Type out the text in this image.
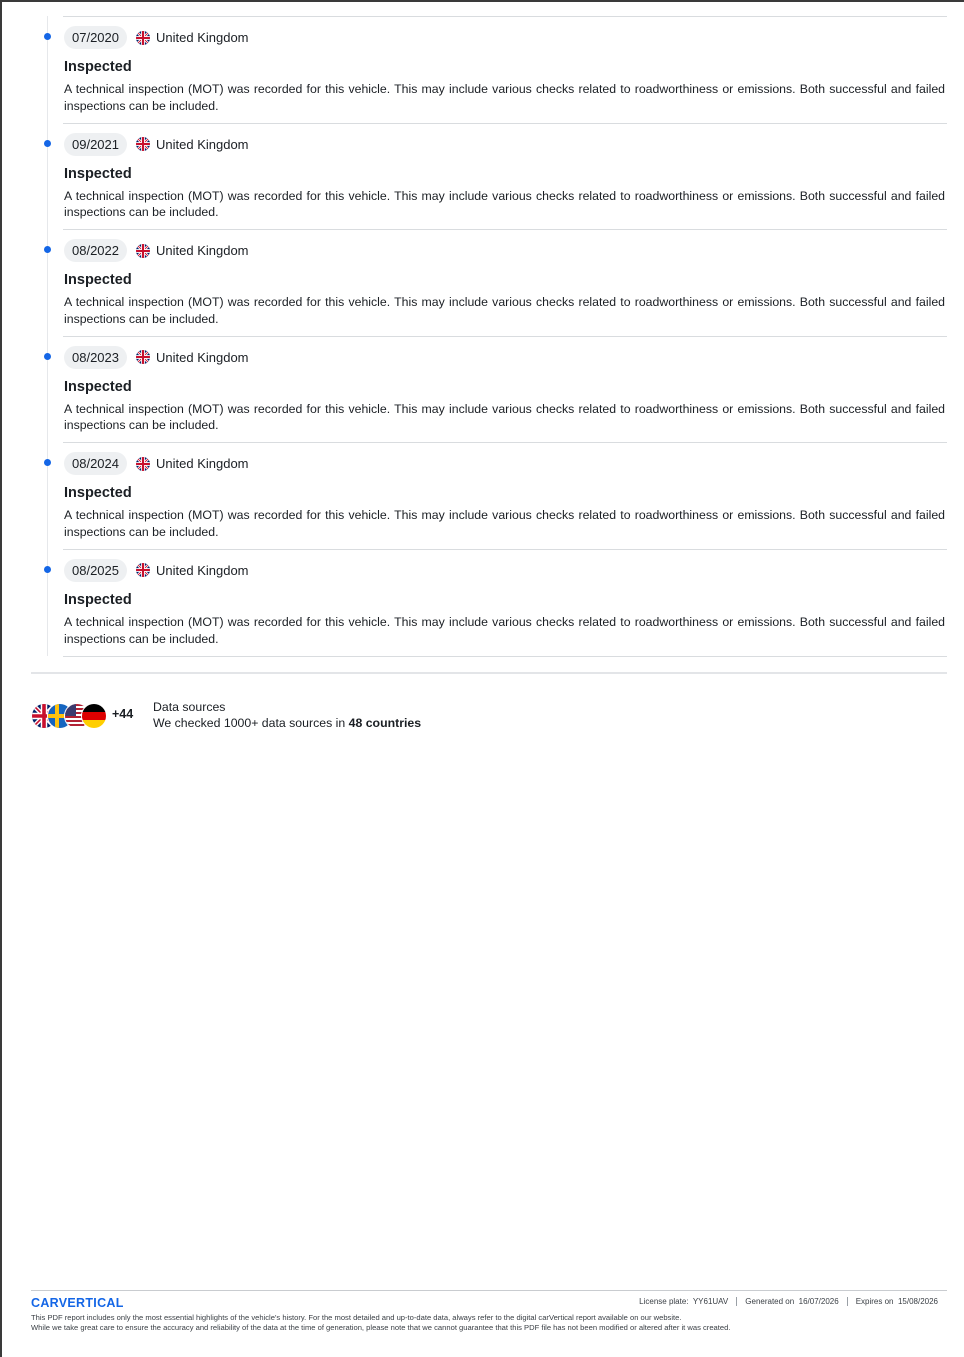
07/2020	United Kingdom
Inspected
A technical inspection (MOT) was recorded for this vehicle. This may include various checks related to roadworthiness or emissions. Both successful and failed inspections can be included.
09/2021	United Kingdom
Inspected
A technical inspection (MOT) was recorded for this vehicle. This may include various checks related to roadworthiness or emissions. Both successful and failed inspections can be included.
08/2022	United Kingdom
Inspected
A technical inspection (MOT) was recorded for this vehicle. This may include various checks related to roadworthiness or emissions. Both successful and failed inspections can be included.
08/2023	United Kingdom
Inspected
A technical inspection (MOT) was recorded for this vehicle. This may include various checks related to roadworthiness or emissions. Both successful and failed inspections can be included.
08/2024	United Kingdom
Inspected
A technical inspection (MOT) was recorded for this vehicle. This may include various checks related to roadworthiness or emissions. Both successful and failed inspections can be included.
08/2025	United Kingdom
Inspected
A technical inspection (MOT) was recorded for this vehicle. This may include various checks related to roadworthiness or emissions. Both successful and failed inspections can be included.
+44 Data sources
We checked 1000+ data sources in 48 countries
CARVERTICAL	License plate: YY61UAV	Generated on 16/07/2026	Expires on 15/08/2026
This PDF report includes only the most essential highlights of the vehicle's history. For the most detailed and up-to-date data, always refer to the digital carVertical report available on our website.
While we take great care to ensure the accuracy and reliability of the data at the time of generation, please note that we cannot guarantee that this PDF file has not been modified or altered after it was created.
